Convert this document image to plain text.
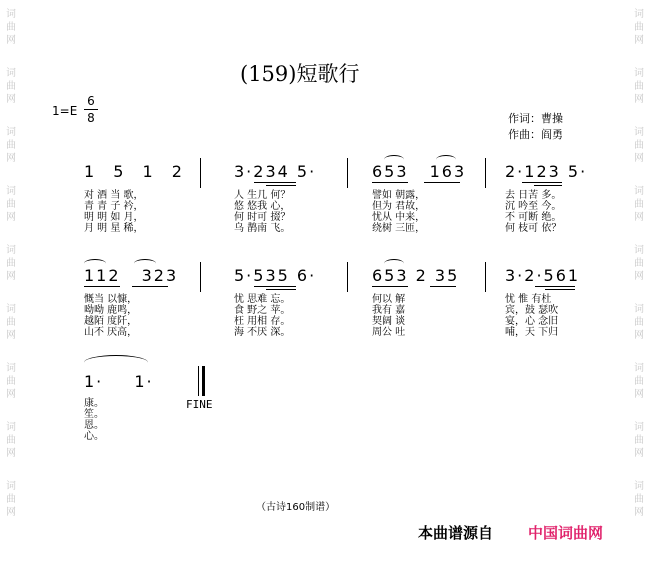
词
曲
网
词
曲
网
词
曲
网
词
曲
网
词
曲
网
词
曲
网
词
曲
网
词
曲
网
词
曲
网
词
曲
网
词
曲
网
词
曲
网
词
曲
网
词
曲
网
词
曲
网
词
曲
网
词
曲
网
词
曲
网
(159)短歌行
1=E
6
8	作词：曹操
作曲：阎勇
1 5 1 2	3·234 5·	653 163 2·123 5·
对 酒 当 歌，
青 青 子 衿，
明 明 如 月，
月 明 星 稀，
人 生几 何？
悠 悠我 心，
何 时可 掇？
乌 鹊南 飞。
譬如 朝露，
但为 君故，
忧从 中来，
绕树 三匝，
去 日苦 多。
沉 吟至 今。
不 可断 绝。
何 枝可 依？
112 323	5·535 6·	653 2 35	3·2·561
慨当 以慷，
呦呦 鹿鸣，
越陌 度阡，
山不 厌高，
忧 思难 忘。
食 野之 苹。
枉 用相 存。
海 不厌 深。
何以 解
我有 嘉
契阔 谈
周公 吐
忧 惟 有杜
宾，鼓 瑟吹
宴，心 念旧
哺，天 下归
1· 1·
FINE
康。
笙。
恩。
心。
（古诗160制谱）
本曲谱源自 中国词曲网
